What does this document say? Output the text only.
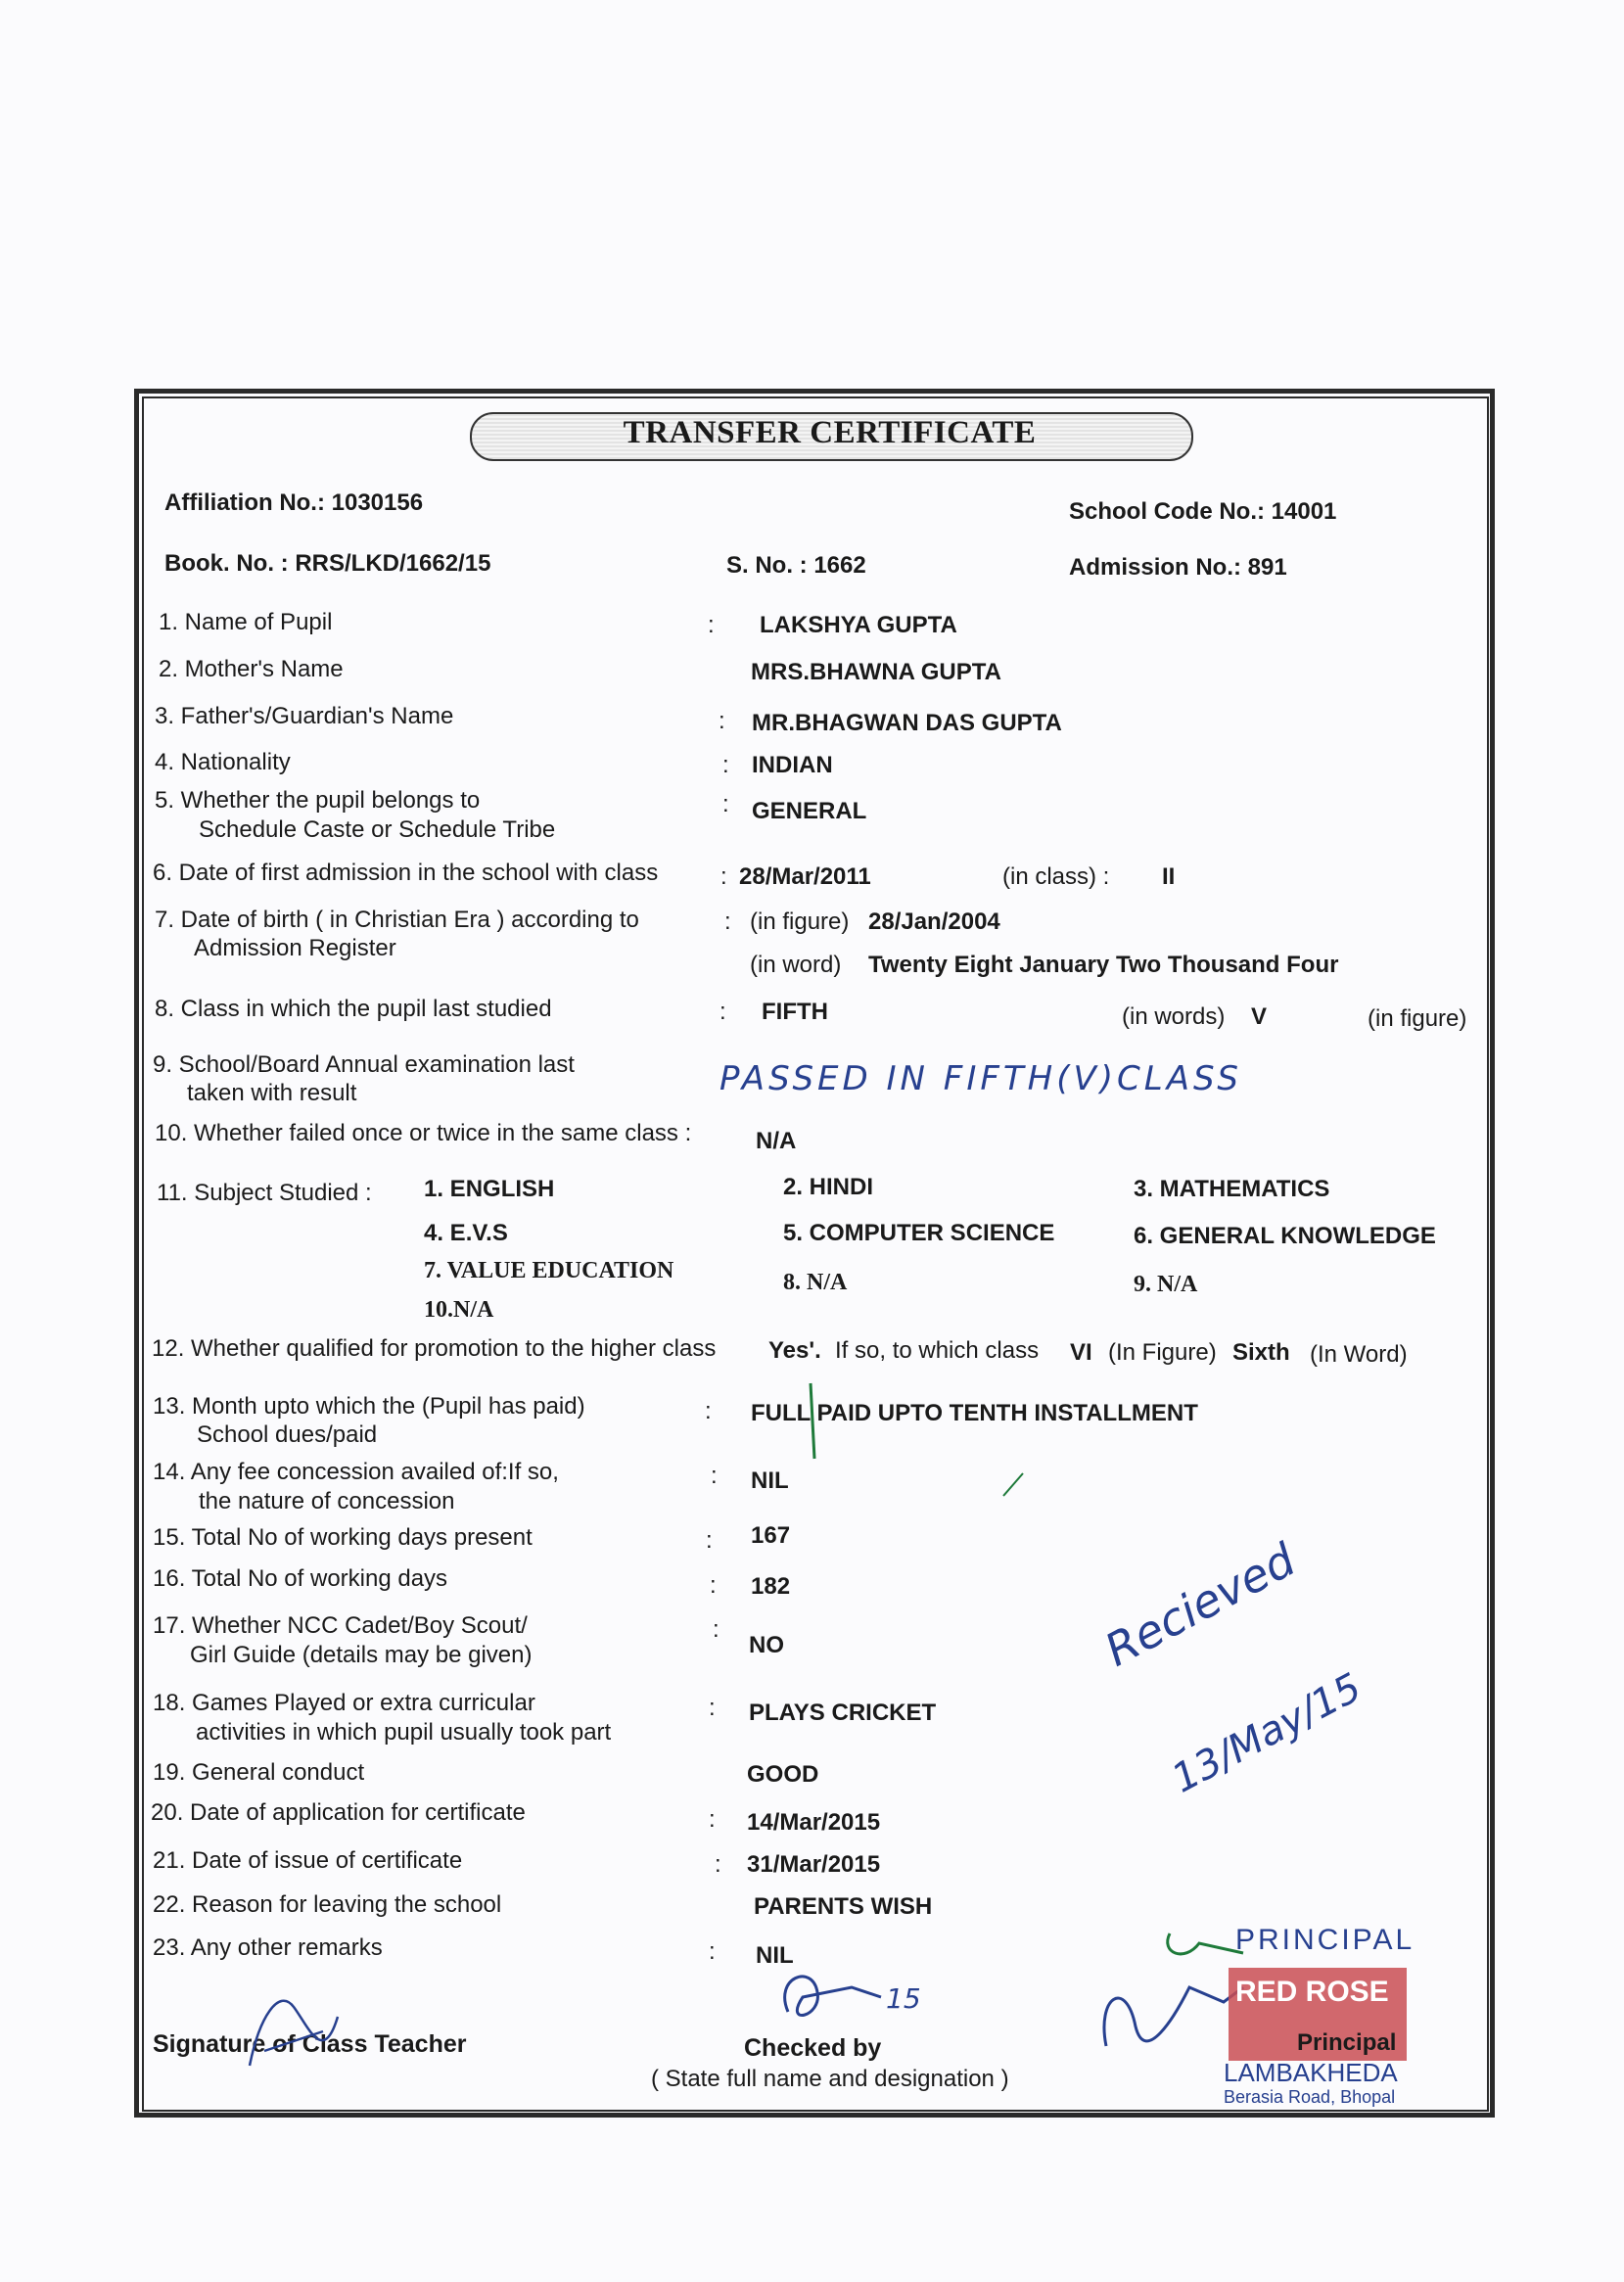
TRANSFER CERTIFICATE
Affiliation No.: 1030156	School Code No.: 14001
Book. No. : RRS/LKD/1662/15	S. No. : 1662	Admission No.: 891
1. Name of Pupil	: LAKSHYA GUPTA
2. Mother's Name	MRS.BHAWNA GUPTA
3. Father's/Guardian's Name	: MR.BHAGWAN DAS GUPTA
4. Nationality	: INDIAN
5. Whether the pupil belongs to
Schedule Caste or Schedule Tribe
: GENERAL
6. Date of first admission in the school with class	: 28/Mar/2011	(in class) : II
7. Date of birth ( in Christian Era ) according to
Admission Register
: (in figure) 28/Jan/2004
(in word) Twenty Eight January Two Thousand Four
8. Class in which the pupil last studied	: FIFTH	(in words) V	(in figure)
9. School/Board Annual examination last
taken with result	PASSED IN FIFTH(V)CLASS
10. Whether failed once or twice in the same class :	N/A
11. Subject Studied : 1. ENGLISH	2. HINDI	3. MATHEMATICS
4. E.V.S	5. COMPUTER SCIENCE	6. GENERAL KNOWLEDGE
7. VALUE EDUCATION	8. N/A	9. N/A
10.N/A
12. Whether qualified for promotion to the higher class Yes'. If so, to which class VI (In Figure) Sixth (In Word)
13. Month upto which the (Pupil has paid)
School dues/paid
: FULL PAID UPTO TENTH INSTALLMENT
14. Any fee concession availed of:If so,
the nature of concession
: NIL
15. Total No of working days present	: 167
16. Total No of working days	: 182
17. Whether NCC Cadet/Boy Scout/
Girl Guide (details may be given)
:
NO
18. Games Played or extra curricular
activities in which pupil usually took part
: PLAYS CRICKET
19. General conduct	GOOD
20. Date of application for certificate	: 14/Mar/2015
21. Date of issue of certificate	: 31/Mar/2015
22. Reason for leaving the school	PARENTS WISH
23. Any other remarks	: NIL
Signature of Class Teacher	Checked by
( State full name and designation )
Recieved
13/May/15
15
PRINCIPAL
RED ROSE
Principal
LAMBAKHEDA
Berasia Road, Bhopal
